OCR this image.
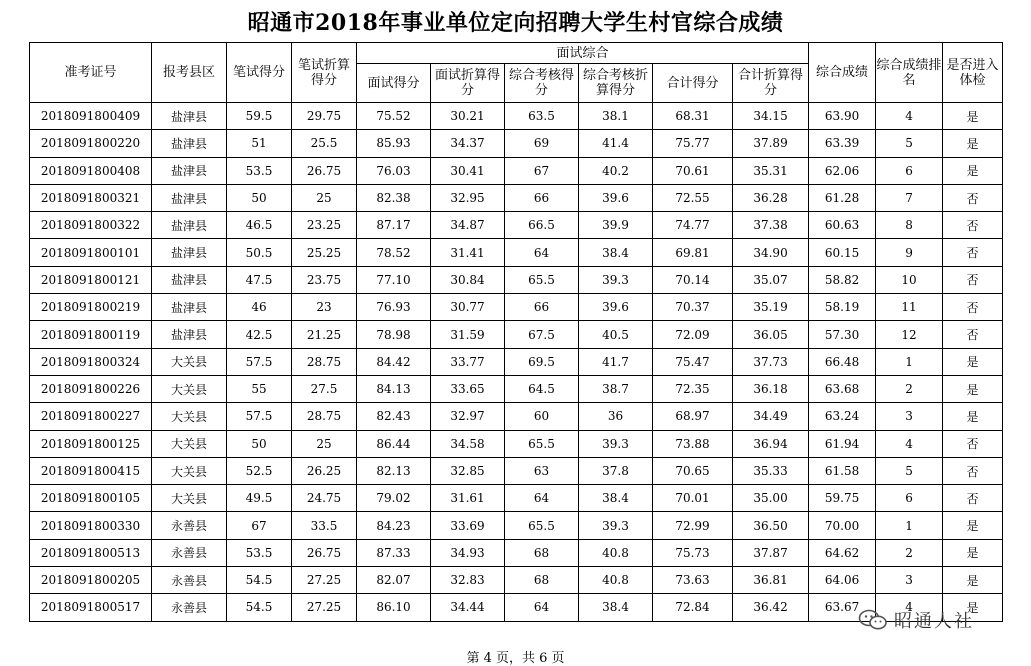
昭通市2018年事业单位定向招聘大学生村官综合成绩
准考证号	报考县区	笔试得分	笔试折算得分	面试综合						综合成绩	综合成绩排名	是否进入体检
				面试得分	面试折算得分	综合考核得分	综合考核折算得分	合计得分	合计折算得分			
2018091800409	盐津县	59.5	29.75	75.52	30.21	63.5	38.1	68.31	34.15	63.90	4	是
2018091800220	盐津县	51	25.5	85.93	34.37	69	41.4	75.77	37.89	63.39	5	是
2018091800408	盐津县	53.5	26.75	76.03	30.41	67	40.2	70.61	35.31	62.06	6	是
2018091800321	盐津县	50	25	82.38	32.95	66	39.6	72.55	36.28	61.28	7	否
2018091800322	盐津县	46.5	23.25	87.17	34.87	66.5	39.9	74.77	37.38	60.63	8	否
2018091800101	盐津县	50.5	25.25	78.52	31.41	64	38.4	69.81	34.90	60.15	9	否
2018091800121	盐津县	47.5	23.75	77.10	30.84	65.5	39.3	70.14	35.07	58.82	10	否
2018091800219	盐津县	46	23	76.93	30.77	66	39.6	70.37	35.19	58.19	11	否
2018091800119	盐津县	42.5	21.25	78.98	31.59	67.5	40.5	72.09	36.05	57.30	12	否
2018091800324	大关县	57.5	28.75	84.42	33.77	69.5	41.7	75.47	37.73	66.48	1	是
2018091800226	大关县	55	27.5	84.13	33.65	64.5	38.7	72.35	36.18	63.68	2	是
2018091800227	大关县	57.5	28.75	82.43	32.97	60	36	68.97	34.49	63.24	3	是
2018091800125	大关县	50	25	86.44	34.58	65.5	39.3	73.88	36.94	61.94	4	否
2018091800415	大关县	52.5	26.25	82.13	32.85	63	37.8	70.65	35.33	61.58	5	否
2018091800105	大关县	49.5	24.75	79.02	31.61	64	38.4	70.01	35.00	59.75	6	否
2018091800330	永善县	67	33.5	84.23	33.69	65.5	39.3	72.99	36.50	70.00	1	是
2018091800513	永善县	53.5	26.75	87.33	34.93	68	40.8	75.73	37.87	64.62	2	是
2018091800205	永善县	54.5	27.25	82.07	32.83	68	40.8	73.63	36.81	64.06	3	是
2018091800517	永善县	54.5	27.25	86.10	34.44	64	38.4	72.84	36.42	63.67	4	是
昭通人社
第 4 页，共 6 页
